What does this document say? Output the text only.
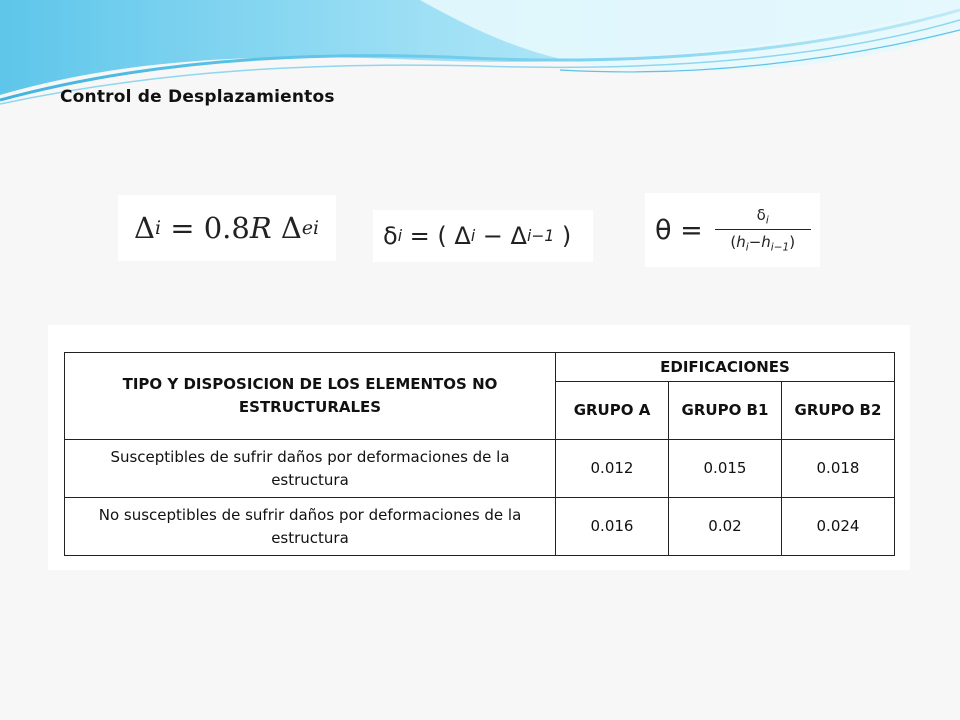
Control de Desplazamientos
Δ i = 0.8 R Δ ei	δ i = ( Δ i − Δ i−1 )	$\theta = \frac{\delta_i}{(h_i-h_{i-1})}$
TIPO Y DISPOSICION DE LOS ELEMENTOS NO ESTRUCTURALES	EDIFICACIONES		
	GRUPO A	GRUPO B1	GRUPO B2
Susceptibles de sufrir daños por deformaciones de la estructura	0.012	0.015	0.018
No susceptibles de sufrir daños por deformaciones de la estructura	0.016	0.02	0.024
